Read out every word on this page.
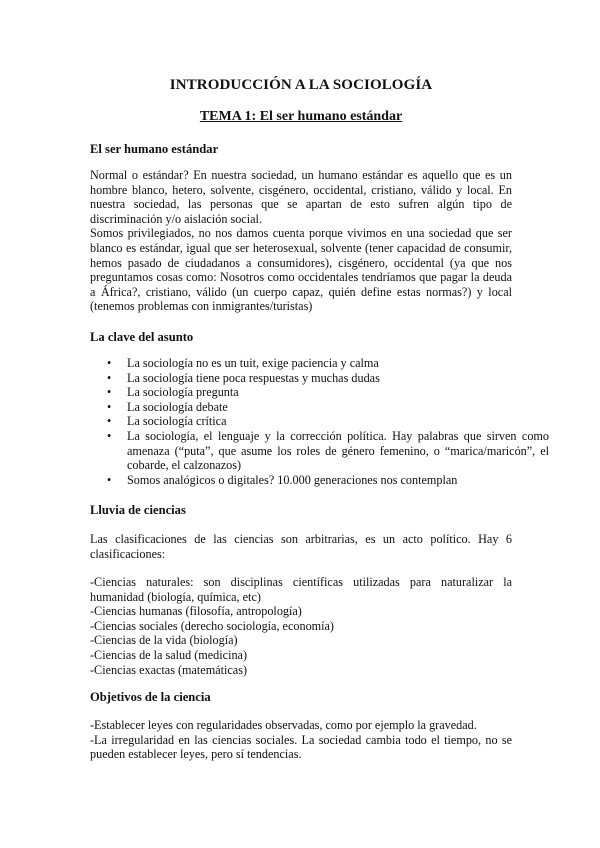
INTRODUCCIÓN A LA SOCIOLOGÍA
TEMA 1: El ser humano estándar
El ser humano estándar

Normal o estándar? En nuestra sociedad, un humano estándar es aquello que es un hombre blanco, hetero, solvente, cisgénero, occidental, cristiano, válido y local. En nuestra sociedad, las personas que se apartan de esto sufren algún tipo de discriminación y/o aislación social.

Somos privilegiados, no nos damos cuenta porque vivimos en una sociedad que ser blanco es estándar, igual que ser heterosexual, solvente (tener capacidad de consumir, hemos pasado de ciudadanos a consumidores), cisgénero, occidental (ya que nos preguntamos cosas como: Nosotros como occidentales tendríamos que pagar la deuda a África?, cristiano, válido (un cuerpo capaz, quién define estas normas?) y local (tenemos problemas con inmigrantes/turistas)

La clave del asunto
• La sociología no es un tuit, exige paciencia y calma
• La sociología tiene poca respuestas y muchas dudas
• La sociología pregunta
• La sociología debate
• La sociología crítica
• La sociología, el lenguaje y la corrección política. Hay palabras que sirven como amenaza (“puta”, que asume los roles de género femenino, o “marica/maricón”, el cobarde, el calzonazos)
• Somos analógicos o digitales? 10.000 generaciones nos contemplan
Lluvia de ciencias

Las clasificaciones de las ciencias son arbitrarias, es un acto político. Hay 6 clasificaciones:

-Ciencias naturales: son disciplinas científicas utilizadas para naturalizar la humanidad (biología, química, etc)

-Ciencias humanas (filosofía, antropología)

-Ciencias sociales (derecho sociología, economía)

-Ciencias de la vida (biología)

-Ciencias de la salud (medicina)

-Ciencias exactas (matemáticas)

Objetivos de la ciencia

-Establecer leyes con regularidades observadas, como por ejemplo la gravedad.

-La irregularidad en las ciencias sociales. La sociedad cambia todo el tiempo, no se pueden establecer leyes, pero sí tendencias.
